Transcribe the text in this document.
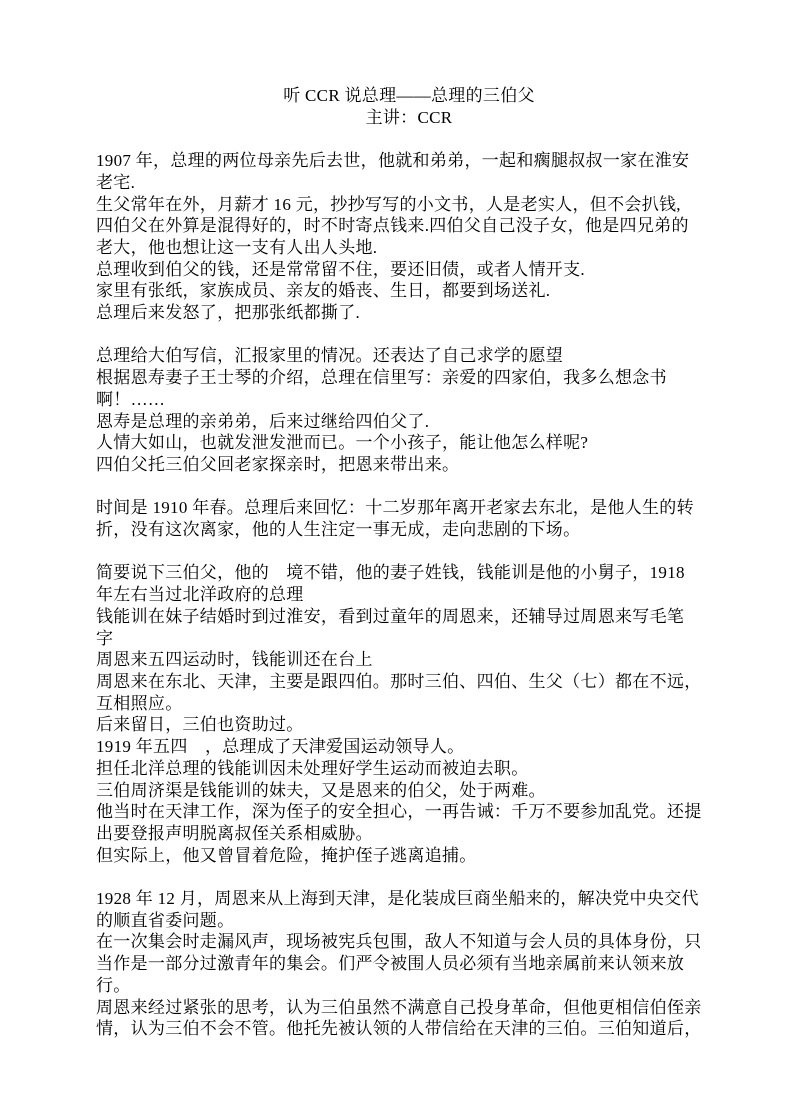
听 CCR 说总理——总理的三伯父
主讲：CCR

1907 年，总理的两位母亲先后去世，他就和弟弟，一起和瘸腿叔叔一家在淮安
老宅.
生父常年在外，月薪才 16 元，抄抄写写的小文书，人是老实人，但不会扒钱,
四伯父在外算是混得好的，时不时寄点钱来.四伯父自己没子女，他是四兄弟的
老大，他也想让这一支有人出人头地.
总理收到伯父的钱，还是常常留不住，要还旧债，或者人情开支.
家里有张纸，家族成员、亲友的婚丧、生日，都要到场送礼.
总理后来发怒了，把那张纸都撕了.

总理给大伯写信，汇报家里的情况。还表达了自己求学的愿望
根据恩寿妻子王士琴的介绍，总理在信里写：亲爱的四家伯，我多么想念书
啊！……
恩寿是总理的亲弟弟，后来过继给四伯父了.
人情大如山，也就发泄发泄而已。一个小孩子，能让他怎么样呢?
四伯父托三伯父回老家探亲时，把恩来带出来。

时间是 1910 年春。总理后来回忆：十二岁那年离开老家去东北，是他人生的转
折，没有这次离家，他的人生注定一事无成，走向悲剧的下场。

简要说下三伯父，他的　境不错，他的妻子姓钱，钱能训是他的小舅子，1918
年左右当过北洋政府的总理
钱能训在妹子结婚时到过淮安，看到过童年的周恩来，还辅导过周恩来写毛笔
字
周恩来五四运动时，钱能训还在台上
周恩来在东北、天津，主要是跟四伯。那时三伯、四伯、生父（七）都在不远，
互相照应。
后来留日，三伯也资助过。
1919 年五四　，总理成了天津爱国运动领导人。
担任北洋总理的钱能训因未处理好学生运动而被迫去职。
三伯周济渠是钱能训的妹夫，又是恩来的伯父，处于两难。
他当时在天津工作，深为侄子的安全担心，一再告诫：千万不要参加乱党。还提
出要登报声明脱离叔侄关系相威胁。
但实际上，他又曾冒着危险，掩护侄子逃离追捕。

1928 年 12 月，周恩来从上海到天津，是化装成巨商坐船来的，解决党中央交代
的顺直省委问题。
在一次集会时走漏风声，现场被宪兵包围，敌人不知道与会人员的具体身份，只
当作是一部分过激青年的集会。们严令被围人员必须有当地亲属前来认领来放
行。
周恩来经过紧张的思考，认为三伯虽然不满意自己投身革命，但他更相信伯侄亲
情，认为三伯不会不管。他托先被认领的人带信给在天津的三伯。三伯知道后，
